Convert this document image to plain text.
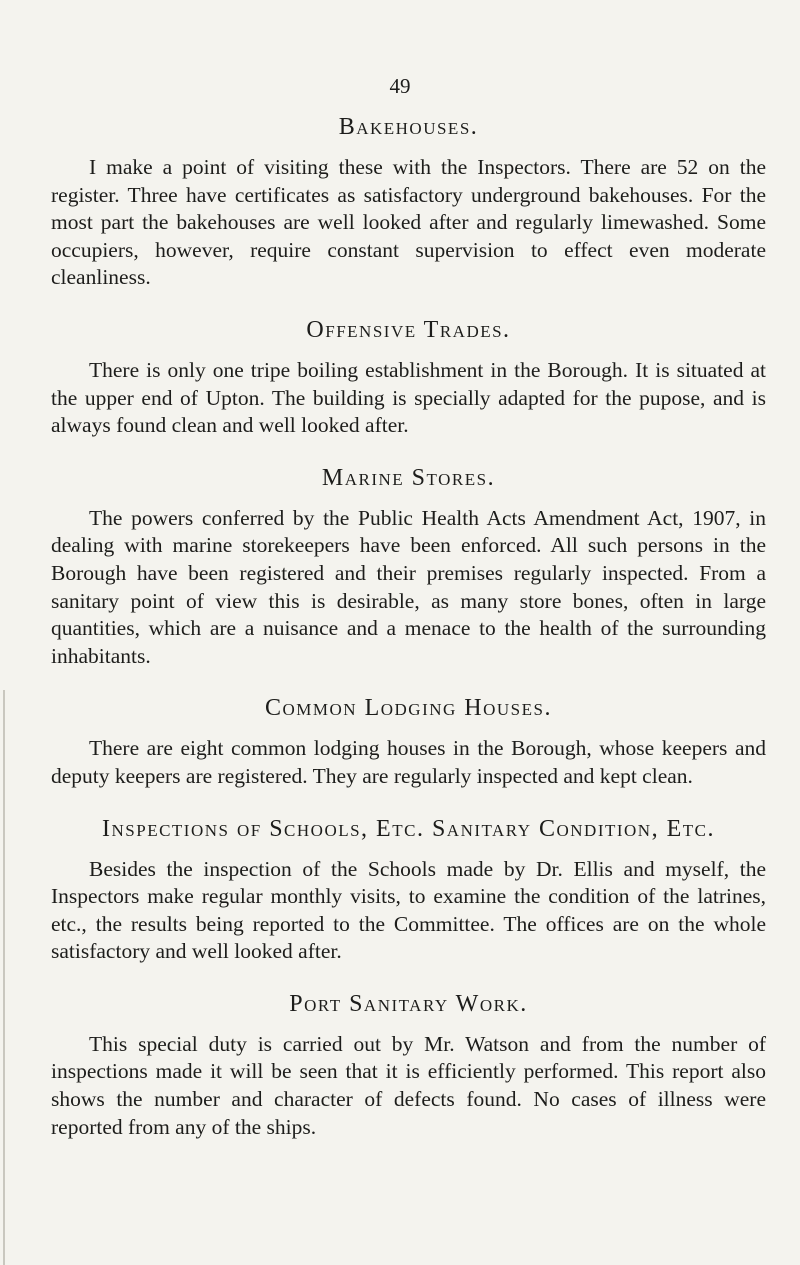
49
Bakehouses.

I make a point of visiting these with the Inspectors. There are 52 on the register. Three have certificates as satisfactory underground bakehouses. For the most part the bakehouses are well looked after and regularly limewashed. Some occupiers, however, require constant supervision to effect even moderate cleanliness.

Offensive Trades.

There is only one tripe boiling establishment in the Borough. It is situated at the upper end of Upton. The building is specially adapted for the pupose, and is always found clean and well looked after.

Marine Stores.

The powers conferred by the Public Health Acts Amendment Act, 1907, in dealing with marine storekeepers have been enforced. All such persons in the Borough have been registered and their premises regularly inspected. From a sanitary point of view this is desirable, as many store bones, often in large quantities, which are a nuisance and a menace to the health of the surrounding inhabitants.

Common Lodging Houses.

There are eight common lodging houses in the Borough, whose keepers and deputy keepers are registered. They are regularly inspected and kept clean.

Inspections of Schools, Etc. Sanitary Condition, Etc.

Besides the inspection of the Schools made by Dr. Ellis and myself, the Inspectors make regular monthly visits, to examine the condition of the latrines, etc., the results being reported to the Committee. The offices are on the whole satisfactory and well looked after.

Port Sanitary Work.

This special duty is carried out by Mr. Watson and from the number of inspections made it will be seen that it is efficiently performed. This report also shows the number and character of defects found. No cases of illness were reported from any of the ships.
